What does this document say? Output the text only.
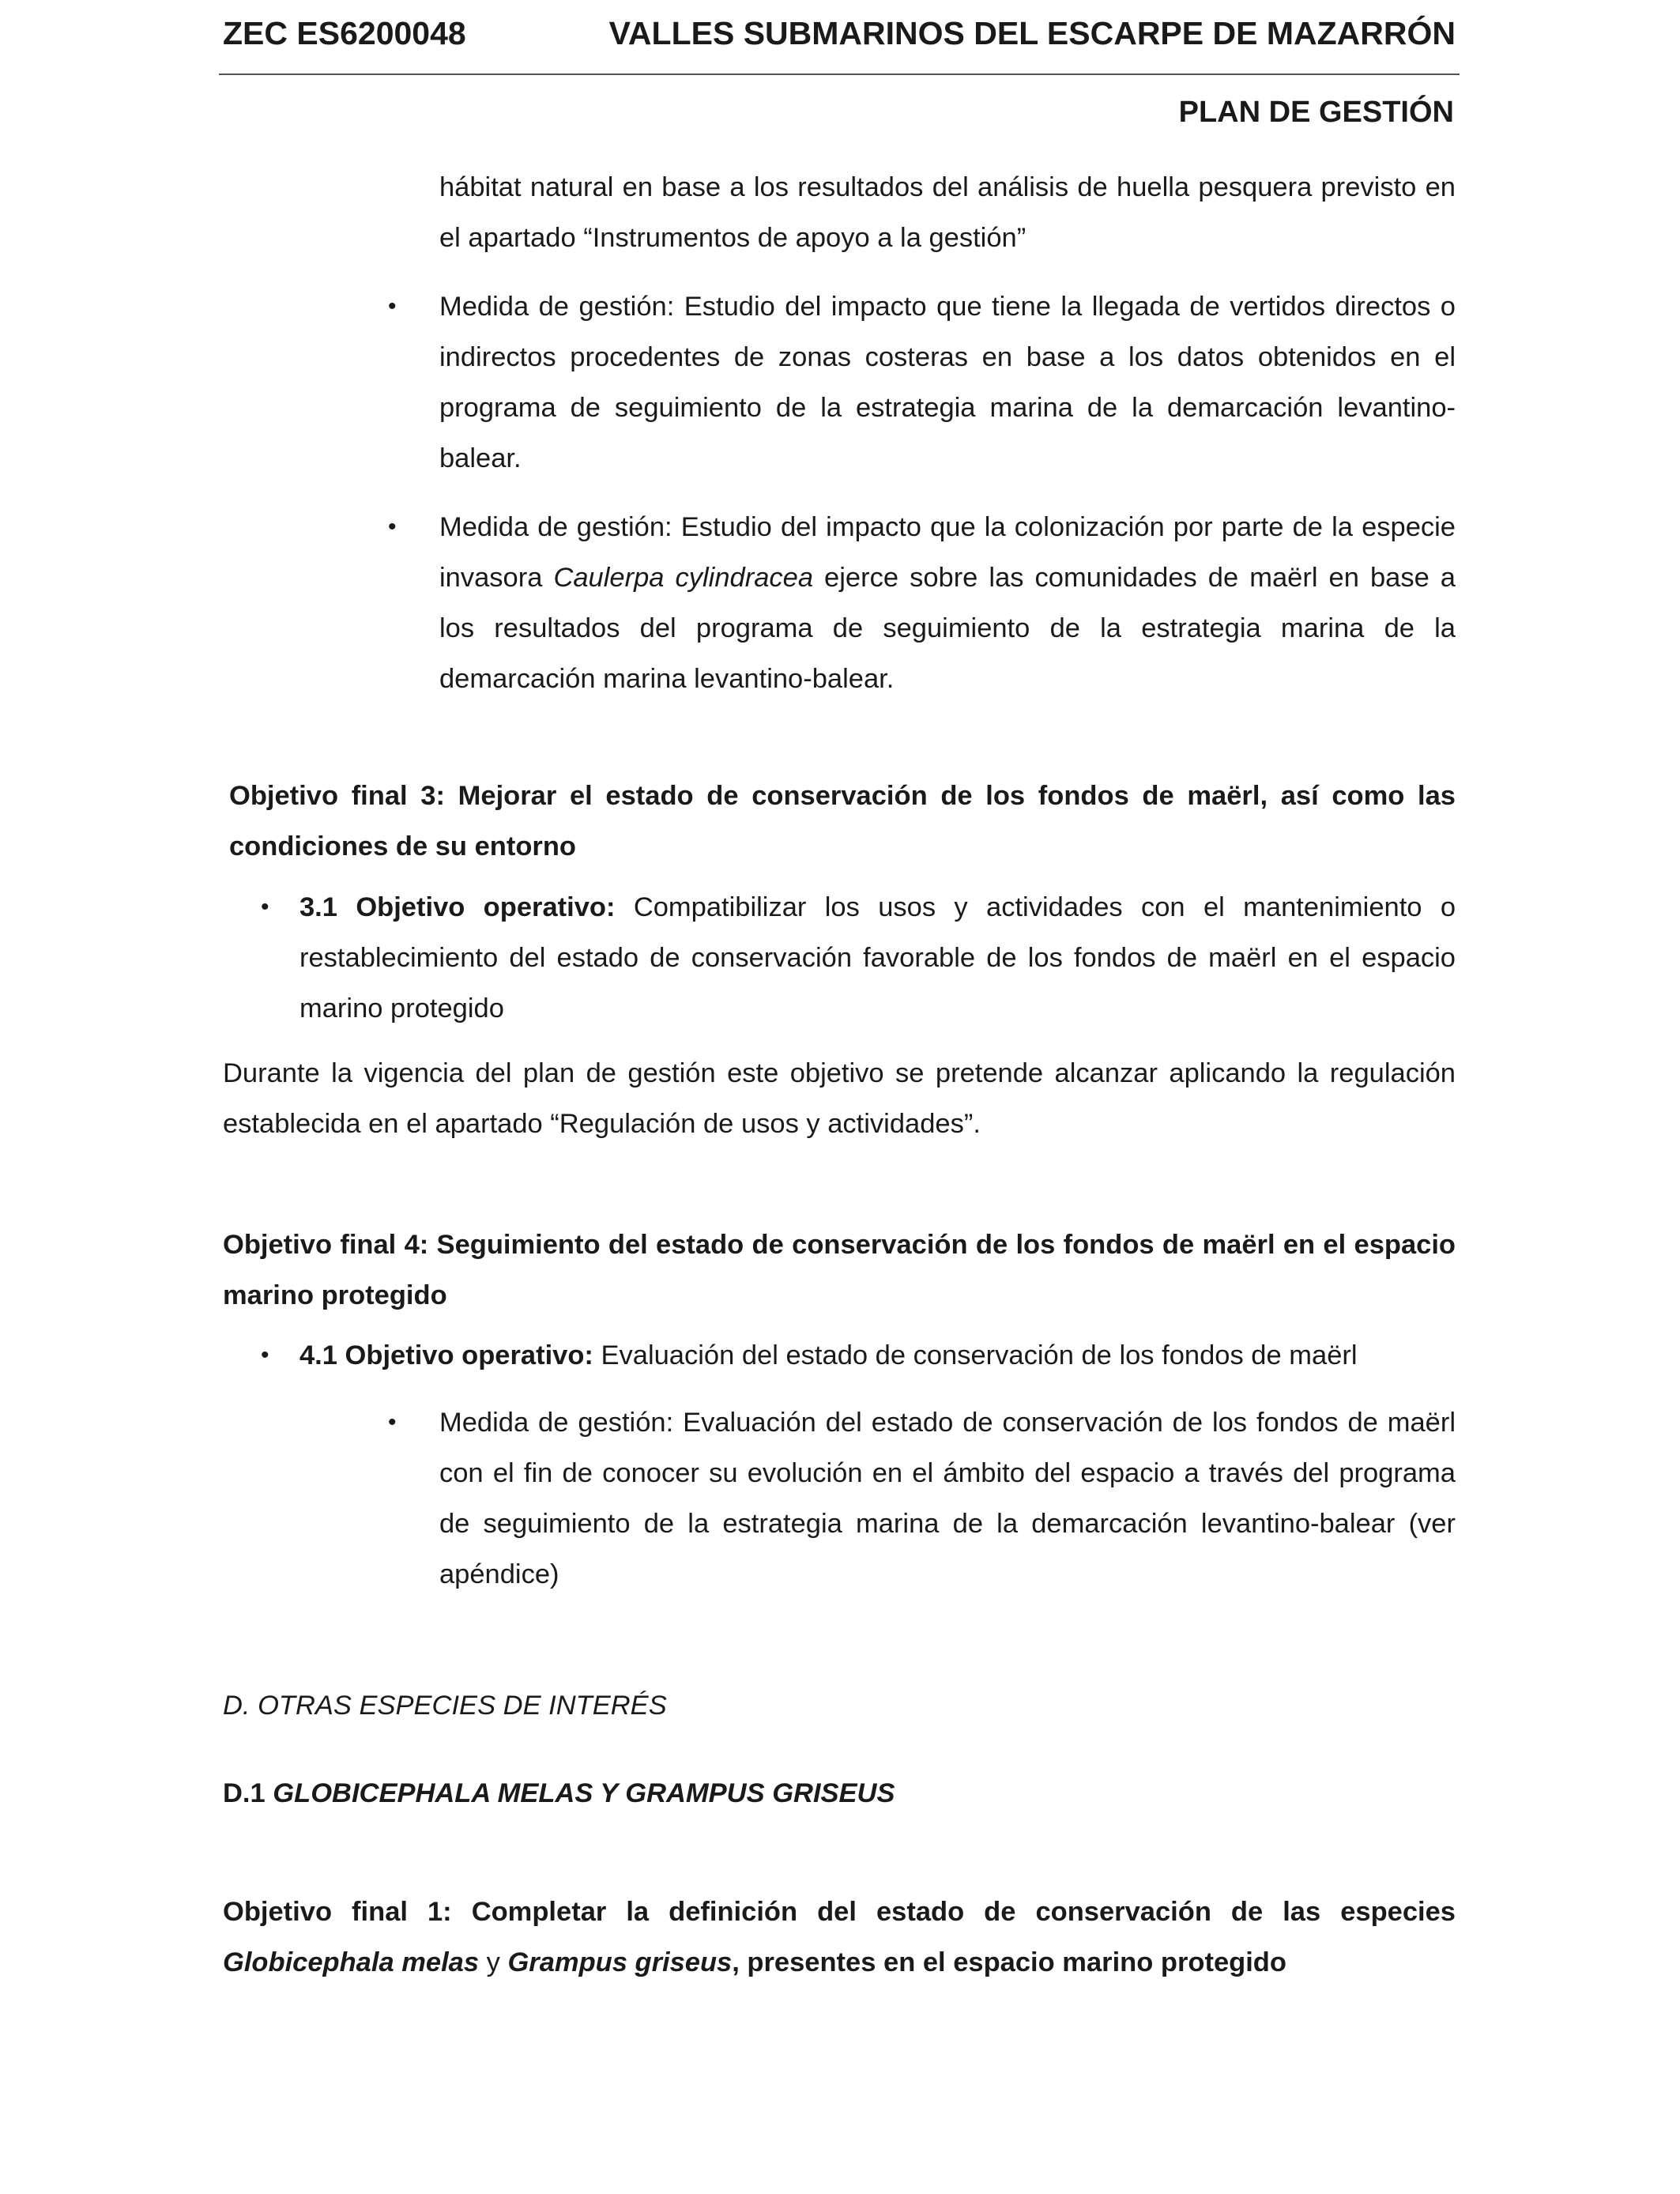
ZEC ES6200048	VALLES SUBMARINOS DEL ESCARPE DE MAZARRÓN
PLAN DE GESTIÓN

hábitat natural en base a los resultados del análisis de huella pesquera previsto en el apartado “Instrumentos de apoyo a la gestión”

• Medida de gestión: Estudio del impacto que tiene la llegada de vertidos directos o indirectos procedentes de zonas costeras en base a los datos obtenidos en el programa de seguimiento de la estrategia marina de la demarcación levantino-balear.

• Medida de gestión: Estudio del impacto que la colonización por parte de la especie invasora Caulerpa cylindracea ejerce sobre las comunidades de maërl en base a los resultados del programa de seguimiento de la estrategia marina de la demarcación marina levantino-balear.

Objetivo final 3: Mejorar el estado de conservación de los fondos de maërl, así como las condiciones de su entorno

• 3.1 Objetivo operativo: Compatibilizar los usos y actividades con el mantenimiento o restablecimiento del estado de conservación favorable de los fondos de maërl en el espacio marino protegido

Durante la vigencia del plan de gestión este objetivo se pretende alcanzar aplicando la regulación establecida en el apartado “Regulación de usos y actividades”.

Objetivo final 4: Seguimiento del estado de conservación de los fondos de maërl en el espacio marino protegido

• 4.1 Objetivo operativo: Evaluación del estado de conservación de los fondos de maërl
• Medida de gestión: Evaluación del estado de conservación de los fondos de maërl con el fin de conocer su evolución en el ámbito del espacio a través del programa de seguimiento de la estrategia marina de la demarcación levantino-balear (ver apéndice)

D. OTRAS ESPECIES DE INTERÉS
D.1 GLOBICEPHALA MELAS Y GRAMPUS GRISEUS

Objetivo final 1: Completar la definición del estado de conservación de las especies Globicephala melas y Grampus griseus, presentes en el espacio marino protegido
